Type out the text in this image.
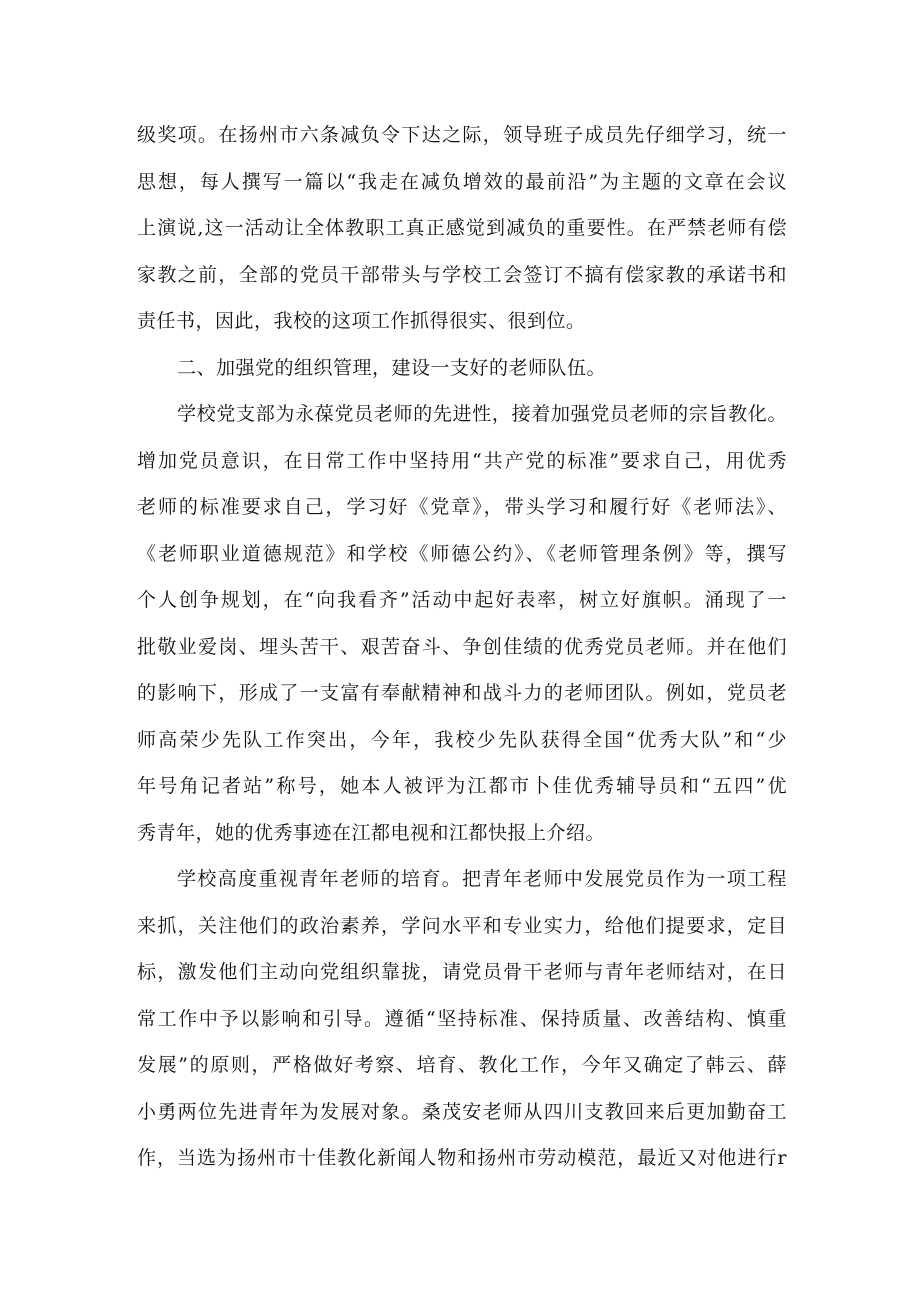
级奖项。在扬州市六条减负令下达之际，领导班子成员先仔细学习，统一
思想，每人撰写一篇以“我走在减负增效的最前沿”为主题的文章在会议
上演说,这一活动让全体教职工真正感觉到减负的重要性。在严禁老师有偿
家教之前，全部的党员干部带头与学校工会签订不搞有偿家教的承诺书和
责任书，因此，我校的这项工作抓得很实、很到位。
二、加强党的组织管理，建设一支好的老师队伍。
学校党支部为永葆党员老师的先进性，接着加强党员老师的宗旨教化。
增加党员意识，在日常工作中坚持用“共产党的标准”要求自己，用优秀
老师的标准要求自己，学习好《党章》，带头学习和履行好《老师法》、
《老师职业道德规范》和学校《师德公约》、《老师管理条例》等，撰写
个人创争规划，在“向我看齐”活动中起好表率，树立好旗帜。涌现了一
批敬业爱岗、埋头苦干、艰苦奋斗、争创佳绩的优秀党员老师。并在他们
的影响下，形成了一支富有奉献精神和战斗力的老师团队。例如，党员老
师高荣少先队工作突出，今年，我校少先队获得全国“优秀大队”和“少
年号角记者站”称号，她本人被评为江都市卜佳优秀辅导员和“五四”优
秀青年，她的优秀事迹在江都电视和江都快报上介绍。
学校高度重视青年老师的培育。把青年老师中发展党员作为一项工程
来抓，关注他们的政治素养，学问水平和专业实力，给他们提要求，定目
标，激发他们主动向党组织靠拢，请党员骨干老师与青年老师结对，在日
常工作中予以影响和引导。遵循“坚持标准、保持质量、改善结构、慎重
发展”的原则，严格做好考察、培育、教化工作，今年又确定了韩云、薛
小勇两位先进青年为发展对象。桑茂安老师从四川支教回来后更加勤奋工
作，当选为扬州市十佳教化新闻人物和扬州市劳动模范，最近又对他进行r
